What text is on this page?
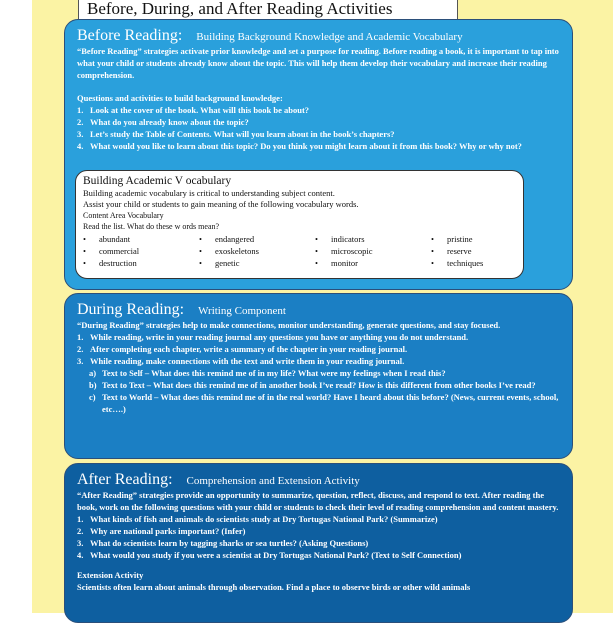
Before, During, and After Reading Activities
Before Reading: Building Background Knowledge and Academic Vocabulary

“Before Reading” strategies activate prior knowledge and set a purpose for reading. Before reading a book, it is important to tap into what your child or students already know about the topic. This will help them develop their vocabulary and increase their reading comprehension.

Questions and activities to build background knowledge:

1. Look at the cover of the book. What will this book be about?
2. What do you already know about the topic?
3. Let’s study the Table of Contents. What will you learn about in the book’s chapters?
4. What would you like to learn about this topic? Do you think you might learn about it from this book? Why or why not?
Building Academic V ocabulary
Building academic vocabulary is critical to understanding subject content.
Assist your child or students to gain meaning of the following vocabulary words.
Content Area Vocabulary
Read the list. What do these w ords mean?
• abundant	• endangered	• indicators	• pristine
• commercial	• exoskeletons	• microscopic	• reserve
• destruction	• genetic	• monitor	• techniques
During Reading: Writing Component

“During Reading” strategies help to make connections, monitor understanding, generate questions, and stay focused.

1. While reading, write in your reading journal any questions you have or anything you do not understand.
2. After completing each chapter, write a summary of the chapter in your reading journal.
3. While reading, make connections with the text and write them in your reading journal.
a) Text to Self – What does this remind me of in my life? What were my feelings when I read this?
b) Text to Text – What does this remind me of in another book I’ve read? How is this different from other books I’ve read?
c) Text to World – What does this remind me of in the real world? Have I heard about this before? (News, current events, school, etc….)
After Reading: Comprehension and Extension Activity

“After Reading” strategies provide an opportunity to summarize, question, reflect, discuss, and respond to text. After reading the book, work on the following questions with your child or students to check their level of reading comprehension and content mastery.

1. What kinds of fish and animals do scientists study at Dry Tortugas National Park? (Summarize)
2. Why are national parks important? (Infer)
3. What do scientists learn by tagging sharks or sea turtles? (Asking Questions)
4. What would you study if you were a scientist at Dry Tortugas National Park? (Text to Self Connection)
Extension Activity

Scientists often learn about animals through observation. Find a place to observe birds or other wild animals
